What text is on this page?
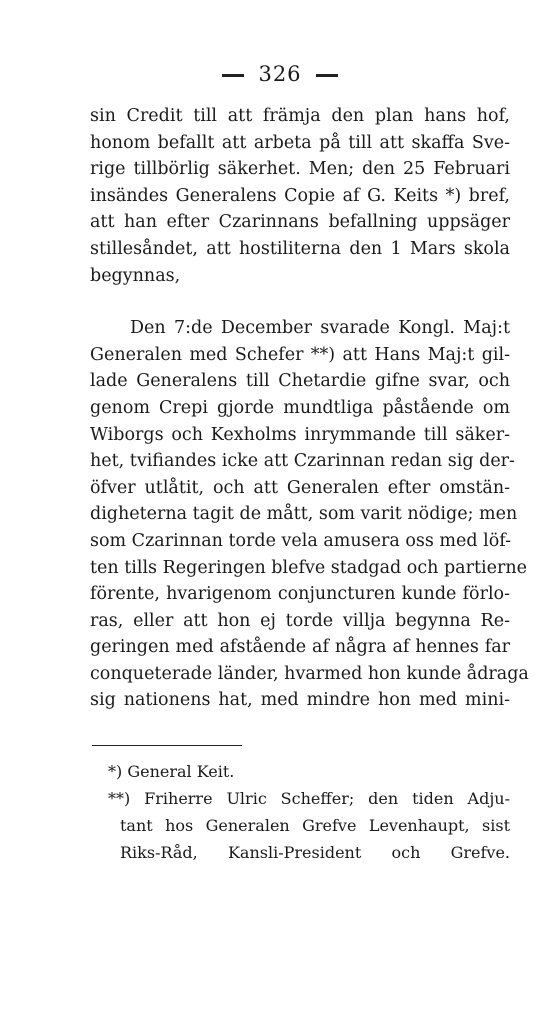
326
sin Credit till att främja den plan hans hof,
honom befallt att arbeta på till att skaffa Sve-
rige tillbörlig säkerhet. Men; den 25 Februari
insändes Generalens Copie af G. Keits *) bref,
att han efter Czarinnans befallning uppsäger
stillesåndet, att hostiliterna den 1 Mars skola
begynnas,
Den 7:de December svarade Kongl. Maj:t
Generalen med Schefer **) att Hans Maj:t gil-
lade Generalens till Chetardie gifne svar, och
genom Crepi gjorde mundtliga påstående om
Wiborgs och Kexholms inrymmande till säker-
het, tvifiandes icke att Czarinnan redan sig der-
öfver utlåtit, och att Generalen efter omstän-
digheterna tagit de mått, som varit nödige; men
som Czarinnan torde vela amusera oss med löf-
ten tills Regeringen blefve stadgad och partierne
förente, hvarigenom conjuncturen kunde förlo-
ras, eller att hon ej torde villja begynna Re-
geringen med afstående af några af hennes far
conqueterade länder, hvarmed hon kunde ådraga
sig nationens hat, med mindre hon med mini-
*) General Keit.
**) Friherre Ulric Scheffer; den tiden Adju-
tant hos Generalen Grefve Levenhaupt, sist
Riks-Råd, Kansli-President och Grefve.
